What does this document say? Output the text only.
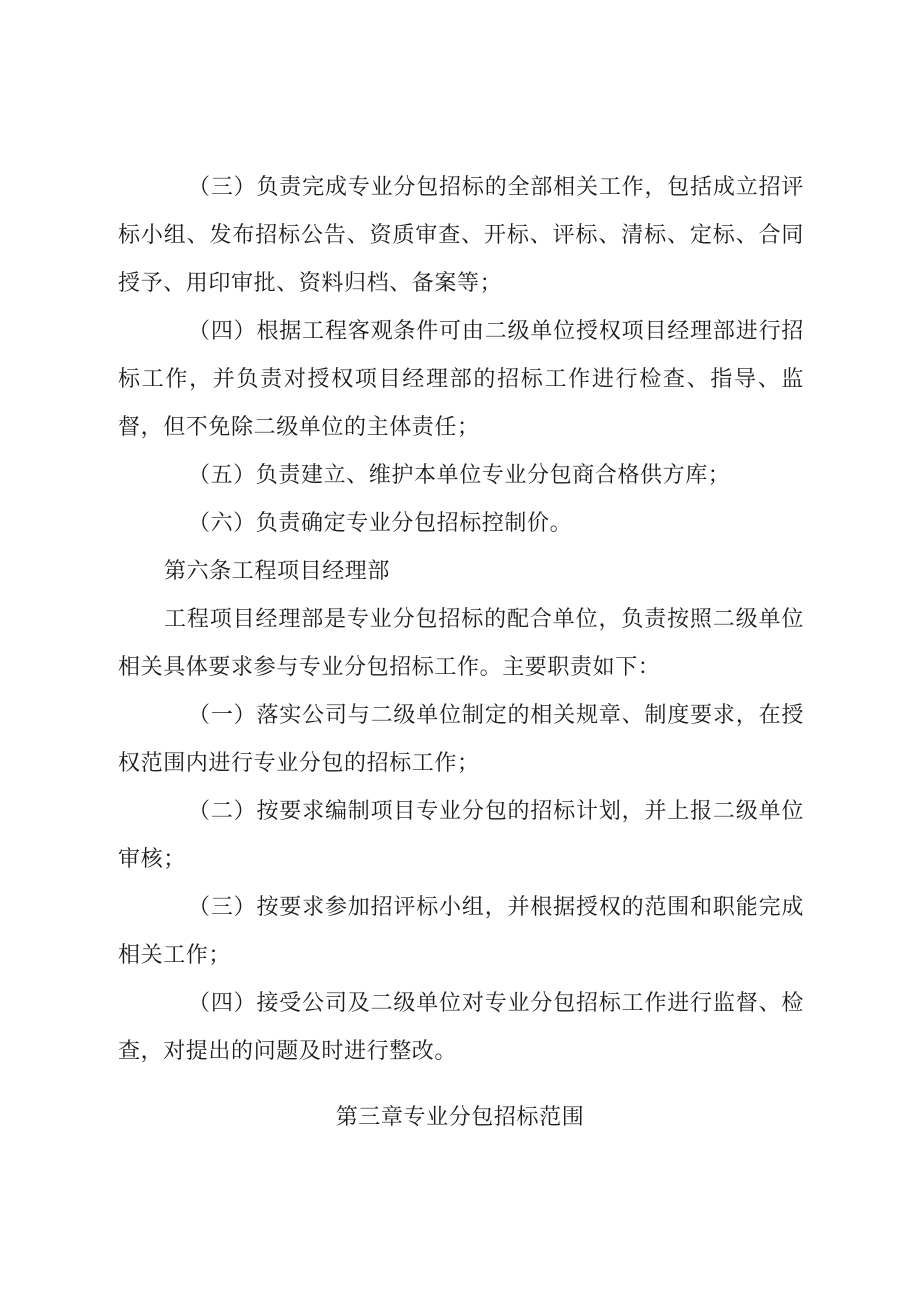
（三）负责完成专业分包招标的全部相关工作，包括成立招评标小组、发布招标公告、资质审查、开标、评标、清标、定标、合同授予、用印审批、资料归档、备案等；

（四）根据工程客观条件可由二级单位授权项目经理部进行招标工作，并负责对授权项目经理部的招标工作进行检查、指导、监督，但不免除二级单位的主体责任；

（五）负责建立、维护本单位专业分包商合格供方库；

（六）负责确定专业分包招标控制价。

第六条工程项目经理部

工程项目经理部是专业分包招标的配合单位，负责按照二级单位相关具体要求参与专业分包招标工作。主要职责如下：

（一）落实公司与二级单位制定的相关规章、制度要求，在授权范围内进行专业分包的招标工作；

（二）按要求编制项目专业分包的招标计划，并上报二级单位审核；

（三）按要求参加招评标小组，并根据授权的范围和职能完成相关工作；

（四）接受公司及二级单位对专业分包招标工作进行监督、检查，对提出的问题及时进行整改。

第三章专业分包招标范围
